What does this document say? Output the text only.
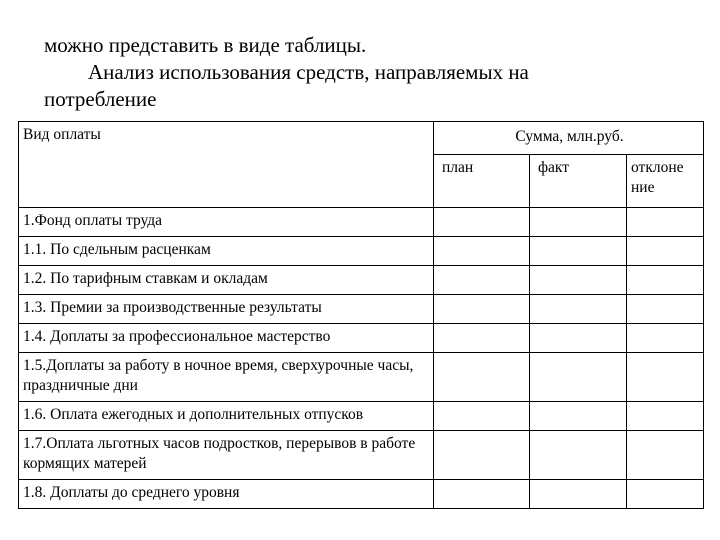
можно представить в виде таблицы.
Анализ использования средств, направляемых на
потребление
Вид оплаты	Сумма, млн.руб.		
	план	факт	отклоне ние
1.Фонд оплаты труда			
1.1. По сдельным расценкам			
1.2. По тарифным ставкам и окладам			
1.3. Премии за производственные результаты			
1.4. Доплаты за профессиональное мастерство			
1.5.Доплаты за работу в ночное время, сверхурочные часы, праздничные дни			
1.6. Оплата ежегодных и дополнительных отпусков			
1.7.Оплата льготных часов подростков, перерывов в работе кормящих матерей			
1.8. Доплаты до среднего уровня			
